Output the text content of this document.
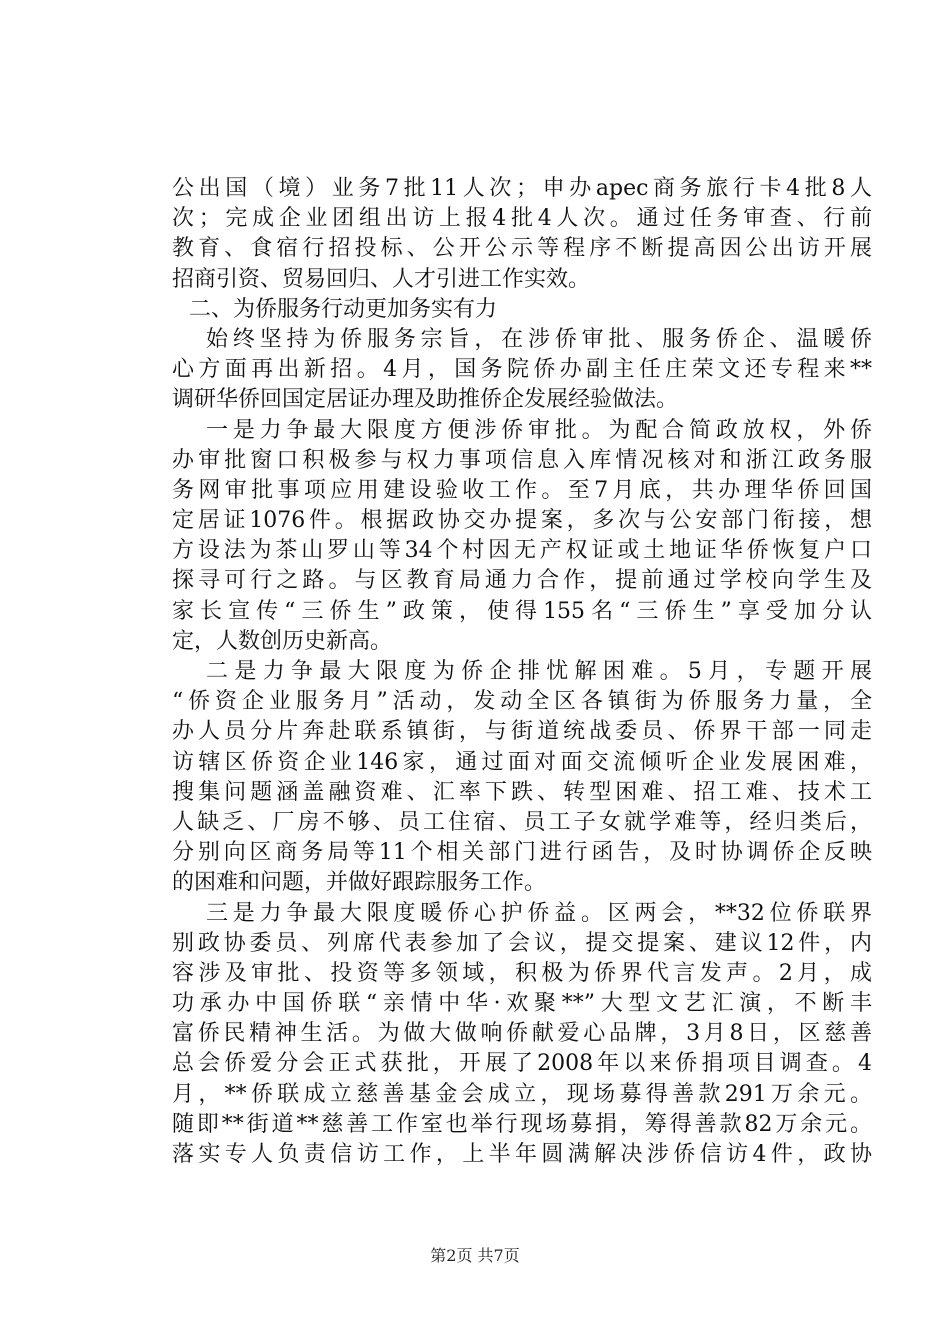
公出国（境）业务7批11人次；申办apec商务旅行卡4批8人
次；完成企业团组出访上报4批4人次。通过任务审查、行前
教育、食宿行招投标、公开公示等程序不断提高因公出访开展
招商引资、贸易回归、人才引进工作实效。
二、为侨服务行动更加务实有力
始终坚持为侨服务宗旨，在涉侨审批、服务侨企、温暖侨
心方面再出新招。4月，国务院侨办副主任庄荣文还专程来**
调研华侨回国定居证办理及助推侨企发展经验做法。
一是力争最大限度方便涉侨审批。为配合简政放权，外侨
办审批窗口积极参与权力事项信息入库情况核对和浙江政务服
务网审批事项应用建设验收工作。至7月底，共办理华侨回国
定居证1076件。根据政协交办提案，多次与公安部门衔接，想
方设法为茶山罗山等34个村因无产权证或土地证华侨恢复户口
探寻可行之路。与区教育局通力合作，提前通过学校向学生及
家长宣传“三侨生”政策，使得155名“三侨生”享受加分认
定，人数创历史新高。
二是力争最大限度为侨企排忧解困难。5月，专题开展
“侨资企业服务月”活动，发动全区各镇街为侨服务力量，全
办人员分片奔赴联系镇街，与街道统战委员、侨界干部一同走
访辖区侨资企业146家，通过面对面交流倾听企业发展困难，
搜集问题涵盖融资难、汇率下跌、转型困难、招工难、技术工
人缺乏、厂房不够、员工住宿、员工子女就学难等，经归类后，
分别向区商务局等11个相关部门进行函告，及时协调侨企反映
的困难和问题，并做好跟踪服务工作。
三是力争最大限度暖侨心护侨益。区两会，**32位侨联界
别政协委员、列席代表参加了会议，提交提案、建议12件，内
容涉及审批、投资等多领域，积极为侨界代言发声。2月，成
功承办中国侨联“亲情中华·欢聚**”大型文艺汇演，不断丰
富侨民精神生活。为做大做响侨献爱心品牌，3月8日，区慈善
总会侨爱分会正式获批，开展了2008年以来侨捐项目调查。4
月，**侨联成立慈善基金会成立，现场募得善款291万余元。
随即**街道**慈善工作室也举行现场募捐，筹得善款82万余元。
落实专人负责信访工作，上半年圆满解决涉侨信访4件，政协
第2页 共7页
